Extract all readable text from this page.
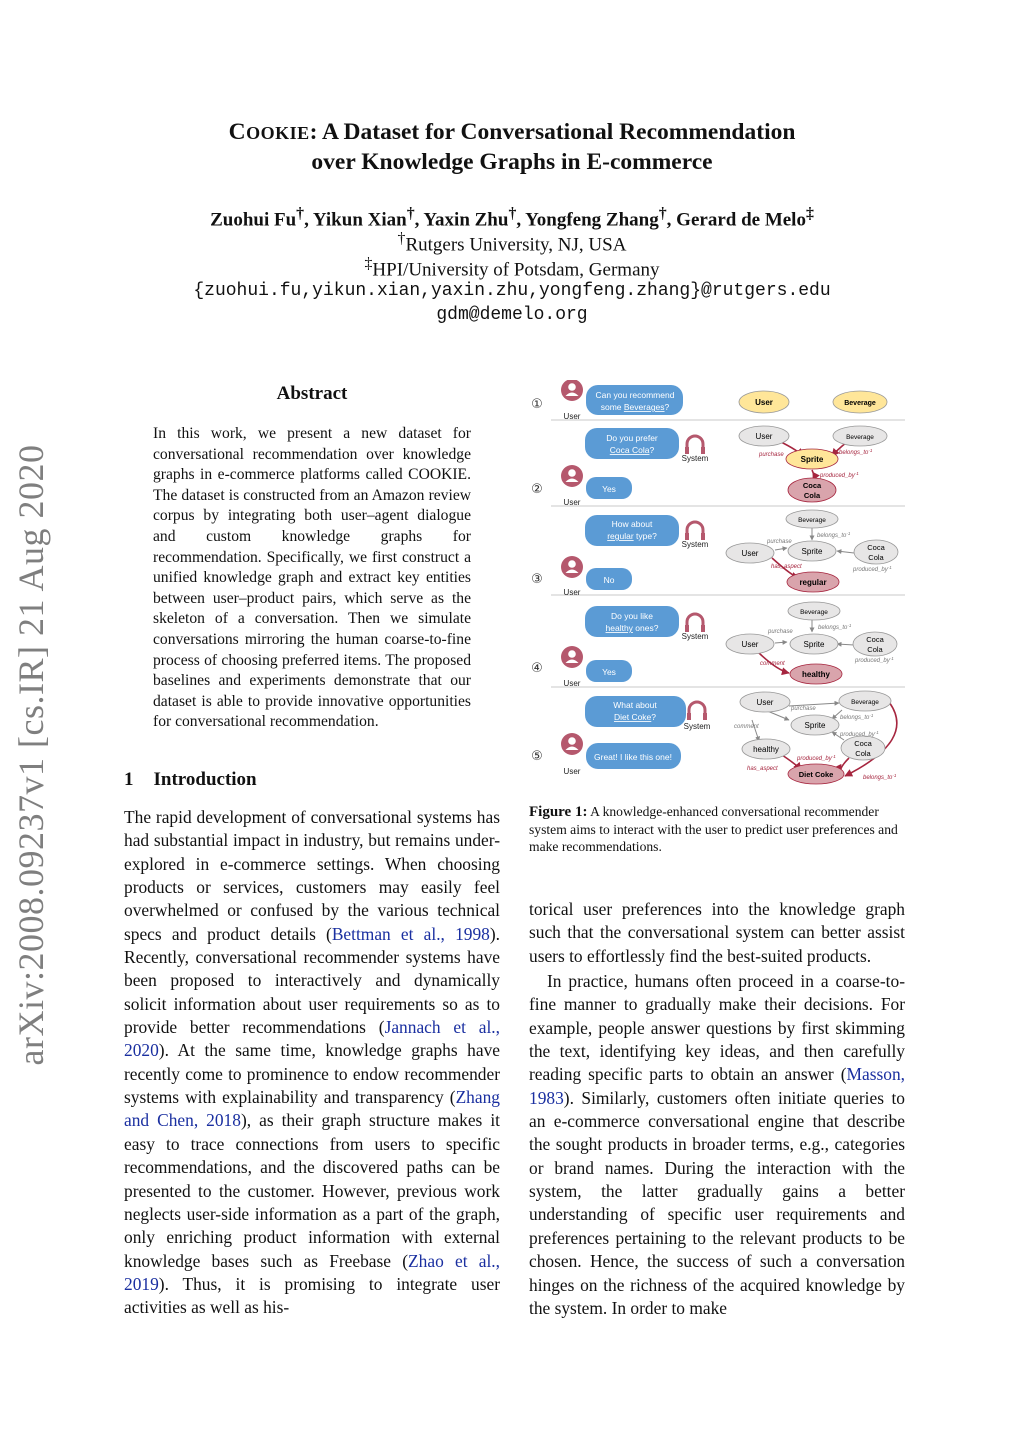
COOKIE: A Dataset for Conversational Recommendation
over Knowledge Graphs in E-commerce
Zuohui Fu†, Yikun Xian†, Yaxin Zhu†, Yongfeng Zhang†, Gerard de Melo‡
†Rutgers University, NJ, USA
‡HPI/University of Potsdam, Germany
{zuohui.fu,yikun.xian,yaxin.zhu,yongfeng.zhang}@rutgers.edu
gdm@demelo.org
arXiv:2008.09237v1 [cs.IR] 21 Aug 2020
Abstract
In this work, we present a new dataset for conversational recommendation over knowledge graphs in e-commerce platforms called COOKIE. The dataset is constructed from an Amazon review corpus by integrating both user–agent dialogue and custom knowledge graphs for recommendation. Specifically, we first construct a unified knowledge graph and extract key entities between user–product pairs, which serve as the skeleton of a conversation. Then we simulate conversations mirroring the human coarse-to-fine process of choosing preferred items. The proposed baselines and experiments demonstrate that our dataset is able to provide innovative opportunities for conversational recommendation.
1 Introduction

The rapid development of conversational systems has had substantial impact in industry, but remains under-explored in e-commerce settings. When choosing products or services, customers may easily feel overwhelmed or confused by the various technical specs and product details (Bettman et al., 1998). Recently, conversational recommender systems have been proposed to interactively and dynamically solicit information about user requirements so as to provide better recommendations (Jannach et al., 2020). At the same time, knowledge graphs have recently come to prominence to endow recommender systems with explainability and transparency (Zhang and Chen, 2018), as their graph structure makes it easy to trace connections from users to specific recommendations, and the discovered paths can be presented to the customer. However, previous work neglects user-side information as a part of the graph, only enriching product information with external knowledge bases such as Freebase (Zhao et al., 2019). Thus, it is promising to integrate user activities as well as his-

①
②
③
④
⑤
User
User
User
User
User
System
System
System
System
Can you recommend
some Beverages?
Do you prefer
Coca Cola?
Yes
How about
regular type?
No
Do you like
healthy ones?
Yes
What about
Diet Coke?
Great! I like this one!
User	Beverage
User	Beverage
Sprite
Coca
Cola
purchase	$belongs\_to^{-1}$
$produced\_by^{-1}$
Beverage
User	Sprite	Coca
Cola
regular
purchase
$belongs\_to^{-1}$
$produced\_by^{-1}$
has_aspect
Beverage
User	Sprite
Coca
Cola
healthy
purchase
$belongs\_to^{-1}$
$produced\_by^{-1}$
comment
User	Beverage
Sprite
Coca
Cola
healthy
Diet Coke
purchase
$belongs\_to^{-1}$
$produced\_by^{-1}$
comment
$produced\_by^{-1}$
has_aspect
$belongs\_to^{-1}$
Figure 1: A knowledge-enhanced conversational recommender system aims to interact with the user to predict user preferences and make recommendations.

torical user preferences into the knowledge graph such that the conversational system can better assist users to effortlessly find the best-suited products.

In practice, humans often proceed in a coarse-to-fine manner to gradually make their decisions. For example, people answer questions by first skimming the text, identifying key ideas, and then carefully reading specific parts to obtain an answer (Masson, 1983). Similarly, customers often initiate queries to an e-commerce conversational engine that describe the sought products in broader terms, e.g., categories or brand names. During the interaction with the system, the latter gradually gains a better understanding of specific user requirements and preferences pertaining to the relevant products to be chosen. Hence, the success of such a conversation hinges on the richness of the acquired knowledge by the system. In order to make
